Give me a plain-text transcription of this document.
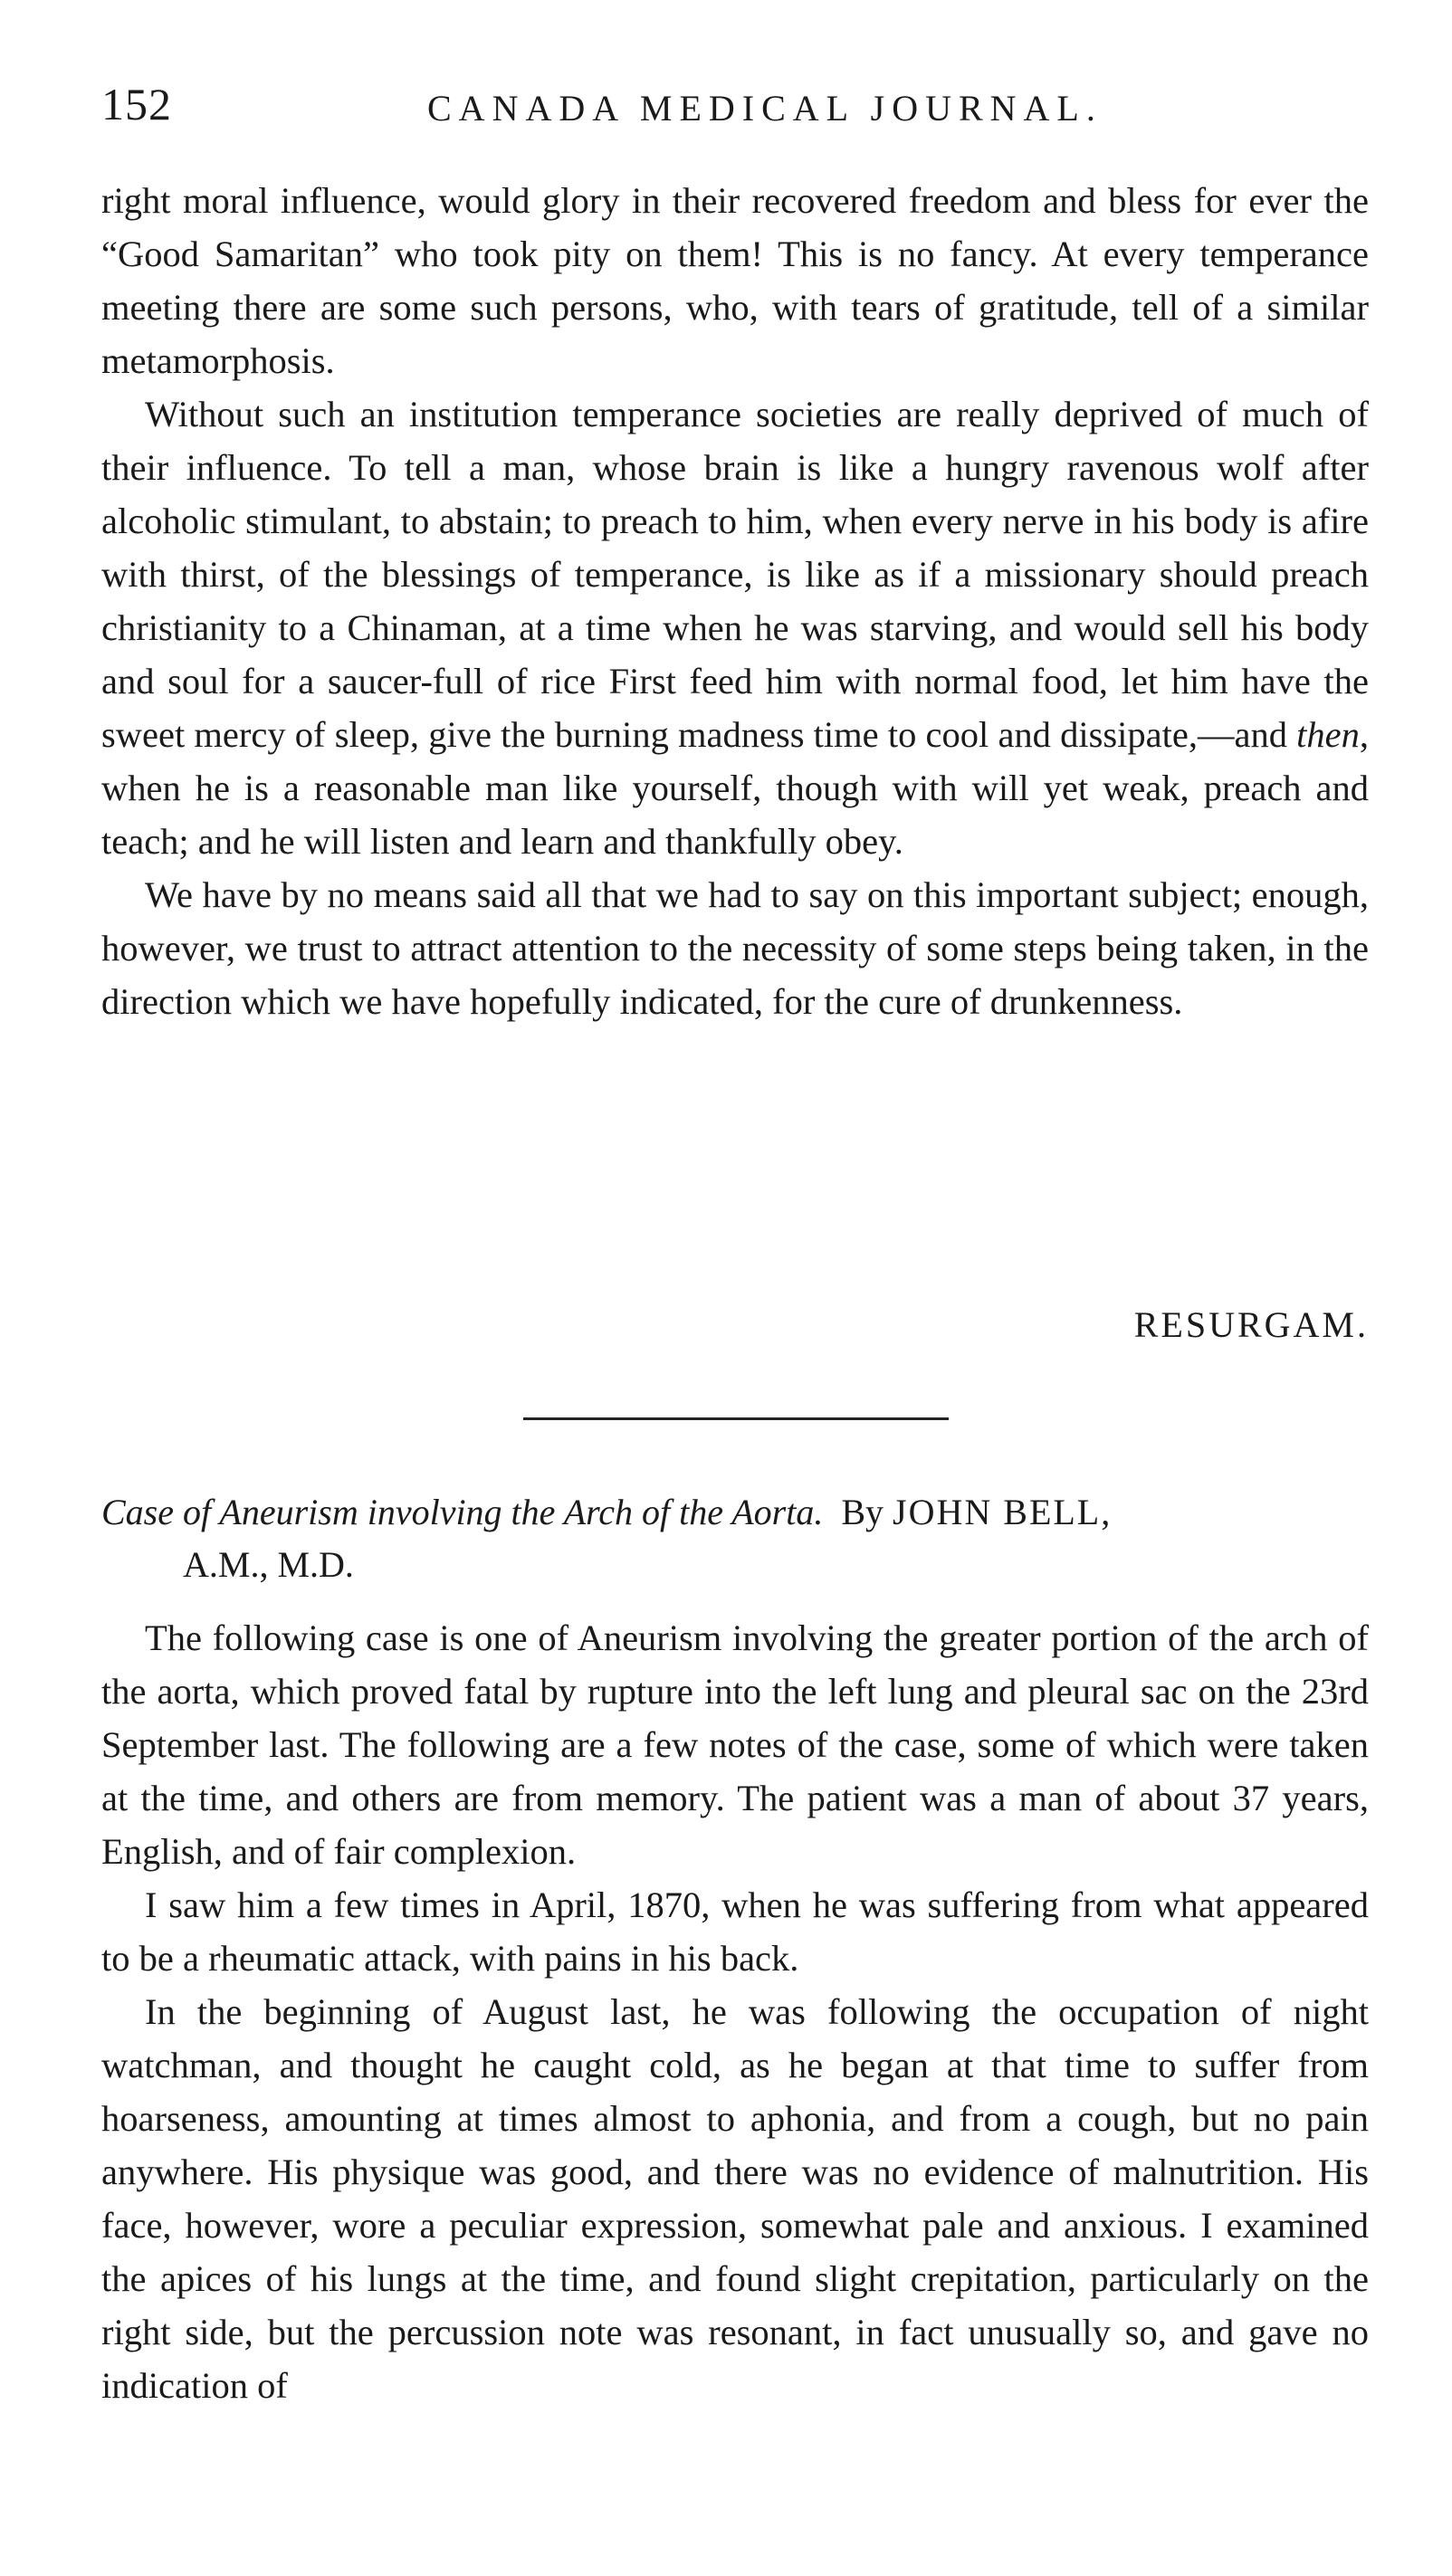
152	CANADA MEDICAL JOURNAL.

right moral influence, would glory in their recovered freedom and bless for ever the “Good Samaritan” who took pity on them! This is no fancy. At every temperance meeting there are some such persons, who, with tears of gratitude, tell of a similar metamorphosis.

Without such an institution temperance societies are really deprived of much of their influence. To tell a man, whose brain is like a hungry ravenous wolf after alcoholic stimulant, to abstain; to preach to him, when every nerve in his body is afire with thirst, of the blessings of temperance, is like as if a missionary should preach christianity to a Chinaman, at a time when he was starving, and would sell his body and soul for a saucer-full of rice First feed him with normal food, let him have the sweet mercy of sleep, give the burning madness time to cool and dissipate,—and then, when he is a reasonable man like yourself, though with will yet weak, preach and teach; and he will listen and learn and thankfully obey.

We have by no means said all that we had to say on this important subject; enough, however, we trust to attract attention to the necessity of some steps being taken, in the direction which we have hopefully indicated, for the cure of drunkenness.

RESURGAM.
Case of Aneurism involving the Arch of the Aorta. By JOHN BELL,
A.M., M.D.

The following case is one of Aneurism involving the greater portion of the arch of the aorta, which proved fatal by rupture into the left lung and pleural sac on the 23rd September last. The following are a few notes of the case, some of which were taken at the time, and others are from memory. The patient was a man of about 37 years, English, and of fair complexion.

I saw him a few times in April, 1870, when he was suffering from what appeared to be a rheumatic attack, with pains in his back.

In the beginning of August last, he was following the occupation of night watchman, and thought he caught cold, as he began at that time to suffer from hoarseness, amounting at times almost to aphonia, and from a cough, but no pain anywhere. His physique was good, and there was no evidence of malnutrition. His face, however, wore a peculiar expression, somewhat pale and anxious. I examined the apices of his lungs at the time, and found slight crepitation, particularly on the right side, but the percussion note was resonant, in fact unusually so, and gave no indication of
